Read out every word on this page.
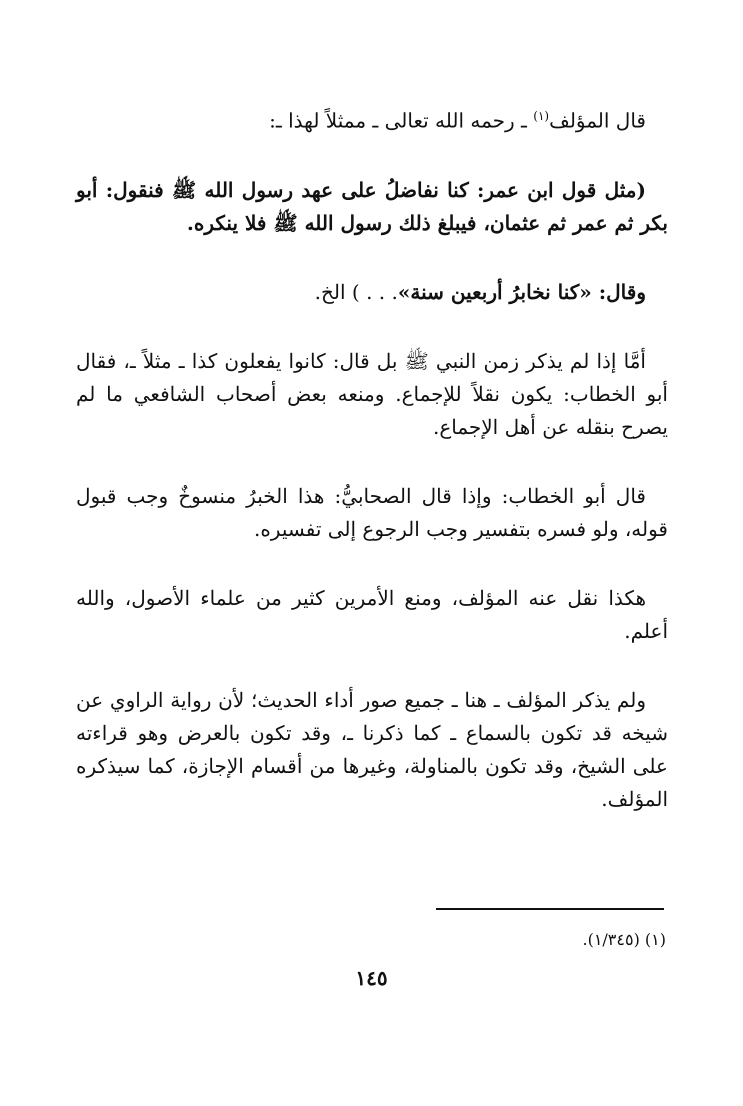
قال المؤلف$^{(١)}$ ـ رحمه الله تعالى ـ ممثلاً لهذا ـ:

(مثل قول ابن عمر: كنا نفاضلُ على عهد رسول الله ﷺ فنقول: أبو بكر ثم عمر ثم عثمان، فيبلغ ذلك رسول الله ﷺ فلا ينكره.

وقال: «كنا نخابرُ أربعين سنة». . . ) الخ.

أمَّا إذا لم يذكر زمن النبي ﷺ بل قال: كانوا يفعلون كذا ـ مثلاً ـ، فقال أبو الخطاب: يكون نقلاً للإجماع. ومنعه بعض أصحاب الشافعي ما لم يصرح بنقله عن أهل الإجماع.

قال أبو الخطاب: وإذا قال الصحابيُّ: هذا الخبرُ منسوخٌ وجب قبول قوله، ولو فسره بتفسير وجب الرجوع إلى تفسيره.

هكذا نقل عنه المؤلف، ومنع الأمرين كثير من علماء الأصول، والله أعلم.

ولم يذكر المؤلف ـ هنا ـ جميع صور أداء الحديث؛ لأن رواية الراوي عن شيخه قد تكون بالسماع ـ كما ذكرنا ـ، وقد تكون بالعرض وهو قراءته على الشيخ، وقد تكون بالمناولة، وغيرها من أقسام الإجازة، كما سيذكره المؤلف.

(١) (١/٣٤٥).
١٤٥
